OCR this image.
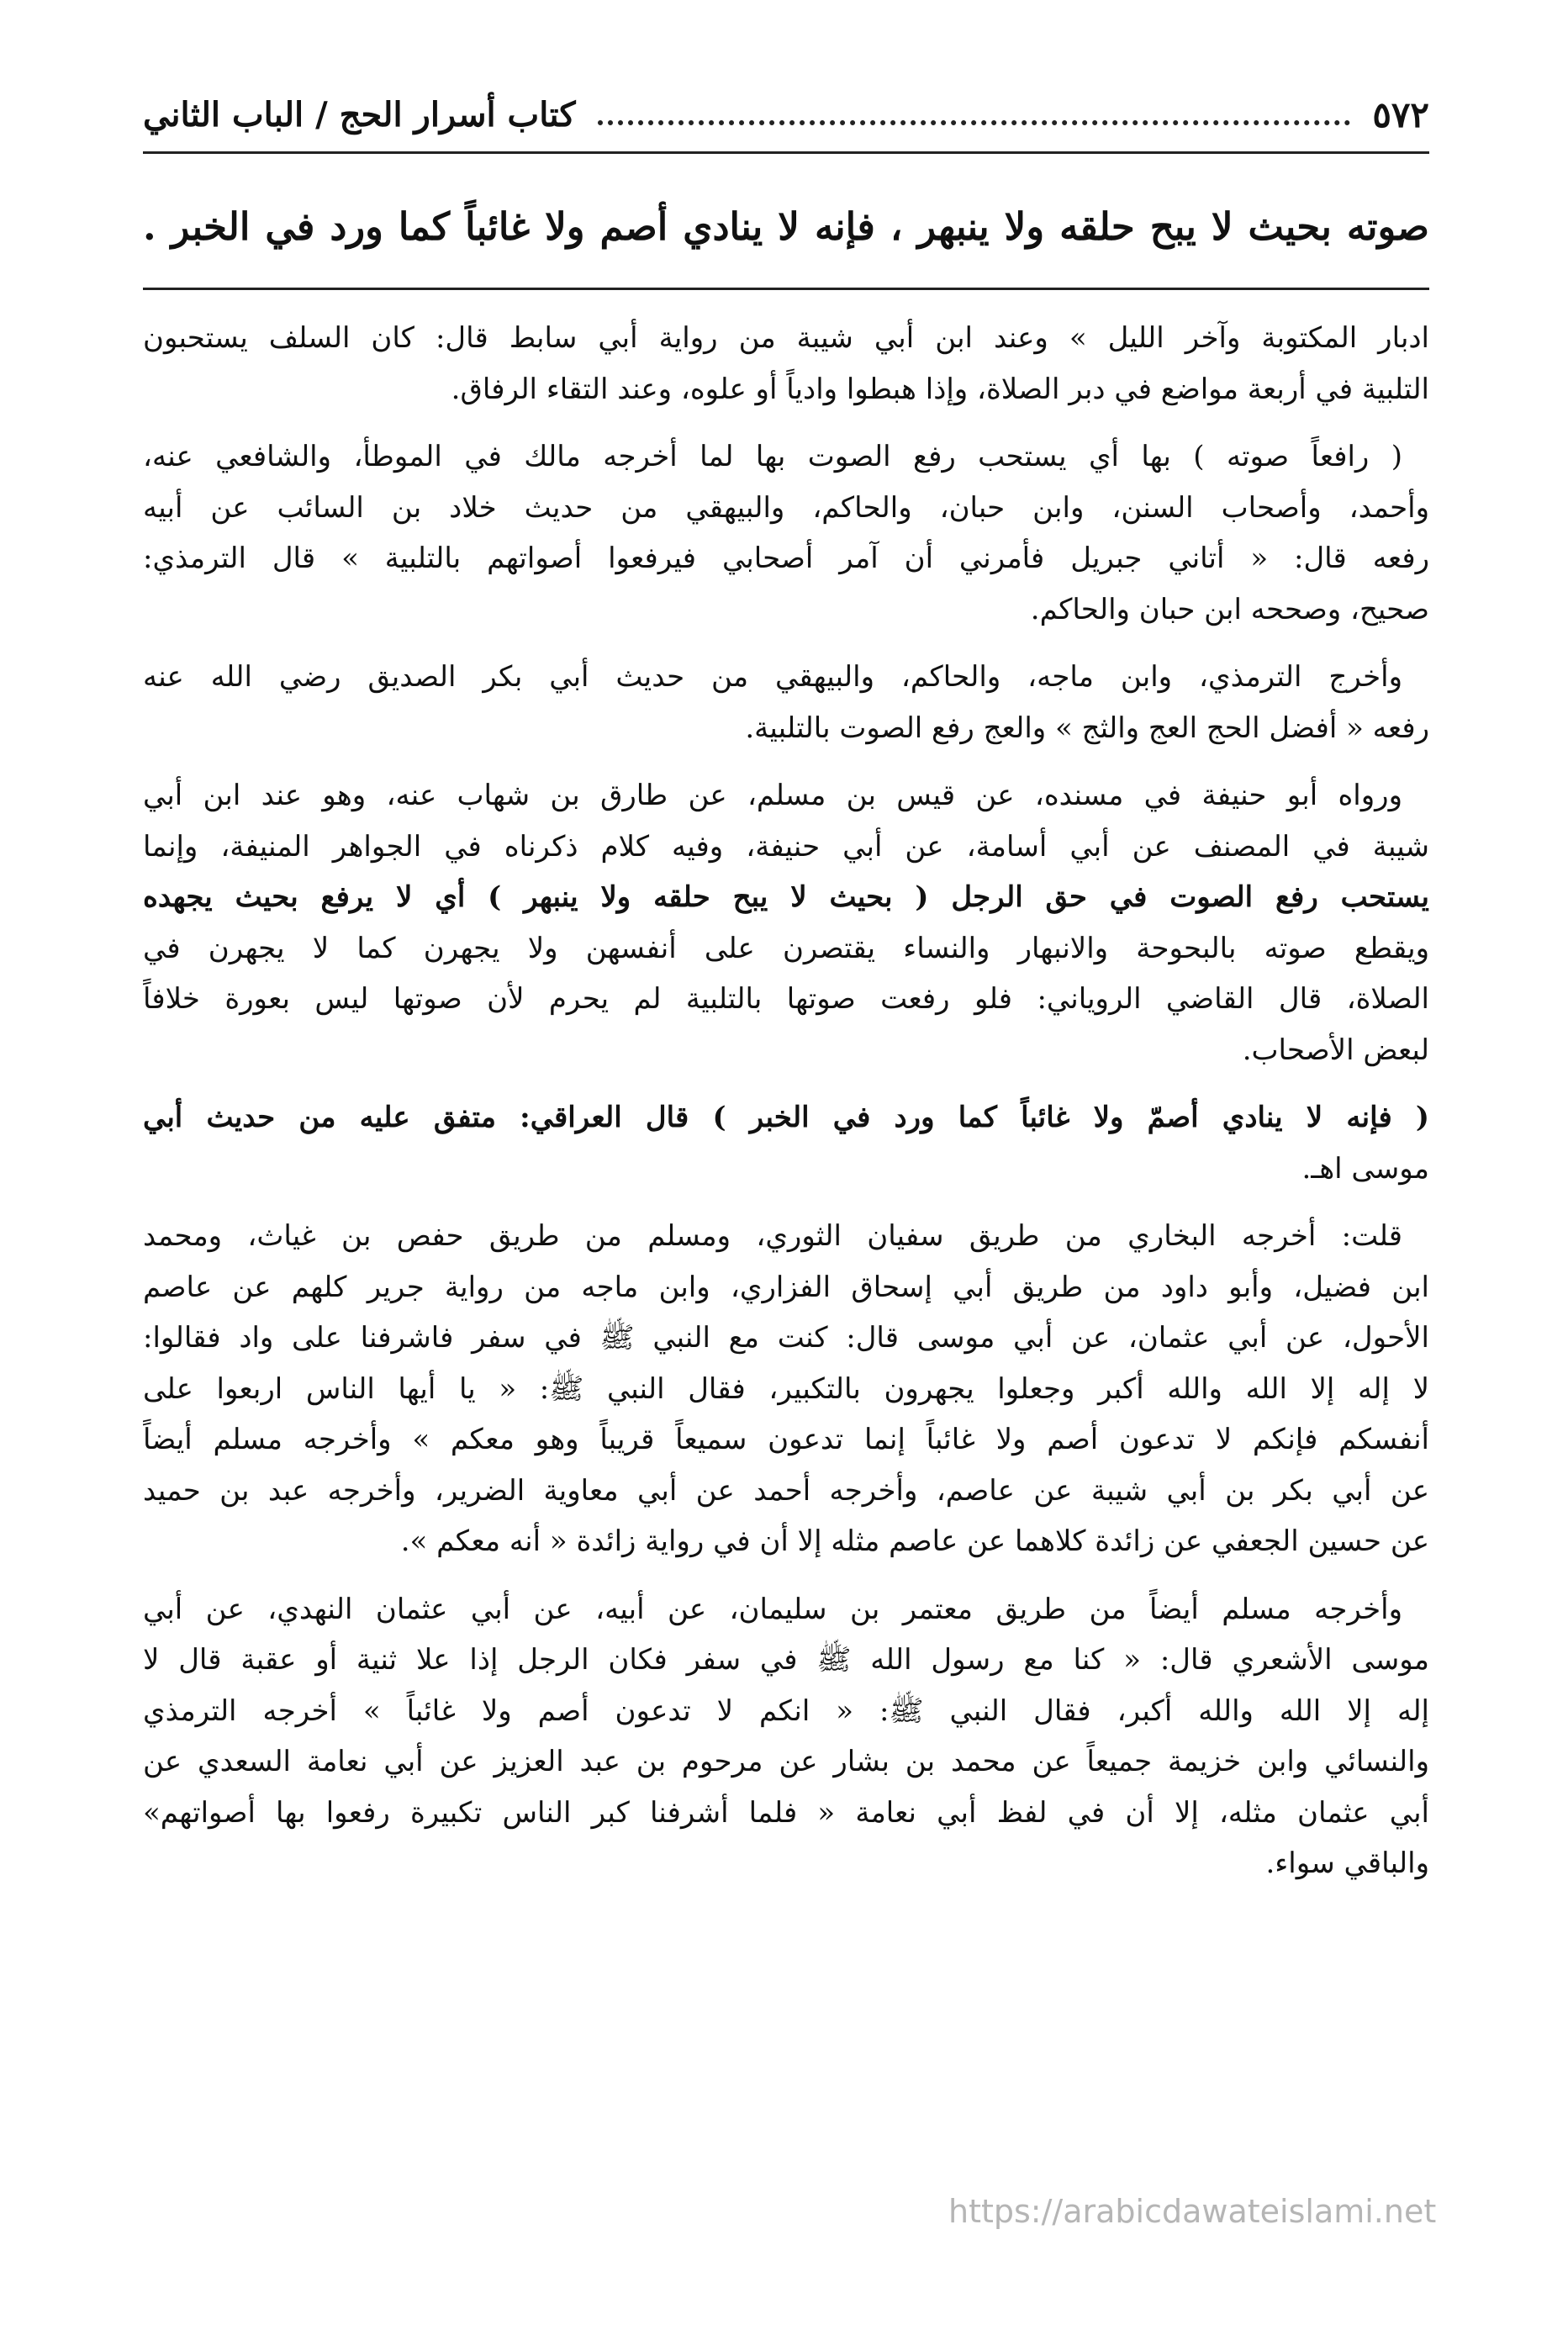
٥٧٢
كتاب أسرار الحج / الباب الثاني
صوته بحيث لا يبح حلقه ولا ينبهر ، فإنه لا ينادي أصم ولا غائباً كما ورد في الخبر .

ادبار المكتوبة وآخر الليل » وعند ابن أبي شيبة من رواية أبي سابط قال: كان السلف يستحبون
التلبية في أربعة مواضع في دبر الصلاة، وإذا هبطوا وادياً أو علوه، وعند التقاء الرفاق.

( رافعاً صوته ) بها أي يستحب رفع الصوت بها لما أخرجه مالك في الموطأ، والشافعي عنه،
وأحمد، وأصحاب السنن، وابن حبان، والحاكم، والبيهقي من حديث خلاد بن السائب عن أبيه
رفعه قال: « أتاني جبريل فأمرني أن آمر أصحابي فيرفعوا أصواتهم بالتلبية » قال الترمذي:
صحيح، وصححه ابن حبان والحاكم.

وأخرج الترمذي، وابن ماجه، والحاكم، والبيهقي من حديث أبي بكر الصديق رضي الله عنه
رفعه « أفضل الحج العج والثج » والعج رفع الصوت بالتلبية.

ورواه أبو حنيفة في مسنده، عن قيس بن مسلم، عن طارق بن شهاب عنه، وهو عند ابن أبي
شيبة في المصنف عن أبي أسامة، عن أبي حنيفة، وفيه كلام ذكرناه في الجواهر المنيفة، وإنما
يستحب رفع الصوت في حق الرجل ( بحيث لا يبح حلقه ولا ينبهر ) أي لا يرفع بحيث يجهده
ويقطع صوته بالبحوحة والانبهار والنساء يقتصرن على أنفسهن ولا يجهرن كما لا يجهرن في
الصلاة، قال القاضي الروياني: فلو رفعت صوتها بالتلبية لم يحرم لأن صوتها ليس بعورة خلافاً
لبعض الأصحاب.

( فإنه لا ينادي أصمّ ولا غائباً كما ورد في الخبر ) قال العراقي: متفق عليه من حديث أبي
موسى اهـ.

قلت: أخرجه البخاري من طريق سفيان الثوري، ومسلم من طريق حفص بن غياث، ومحمد
ابن فضيل، وأبو داود من طريق أبي إسحاق الفزاري، وابن ماجه من رواية جرير كلهم عن عاصم
الأحول، عن أبي عثمان، عن أبي موسى قال: كنت مع النبي ﷺ في سفر فاشرفنا على واد فقالوا:
لا إله إلا الله والله أكبر وجعلوا يجهرون بالتكبير، فقال النبي ﷺ: « يا أيها الناس اربعوا على
أنفسكم فإنكم لا تدعون أصم ولا غائباً إنما تدعون سميعاً قريباً وهو معكم » وأخرجه مسلم أيضاً
عن أبي بكر بن أبي شيبة عن عاصم، وأخرجه أحمد عن أبي معاوية الضرير، وأخرجه عبد بن حميد
عن حسين الجعفي عن زائدة كلاهما عن عاصم مثله إلا أن في رواية زائدة « أنه معكم ».

وأخرجه مسلم أيضاً من طريق معتمر بن سليمان، عن أبيه، عن أبي عثمان النهدي، عن أبي
موسى الأشعري قال: « كنا مع رسول الله ﷺ في سفر فكان الرجل إذا علا ثنية أو عقبة قال لا
إله إلا الله والله أكبر، فقال النبي ﷺ: « انكم لا تدعون أصم ولا غائباً » أخرجه الترمذي
والنسائي وابن خزيمة جميعاً عن محمد بن بشار عن مرحوم بن عبد العزيز عن أبي نعامة السعدي عن
أبي عثمان مثله، إلا أن في لفظ أبي نعامة « فلما أشرفنا كبر الناس تكبيرة رفعوا بها أصواتهم»
والباقي سواء.

https://arabicdawateislami.net
